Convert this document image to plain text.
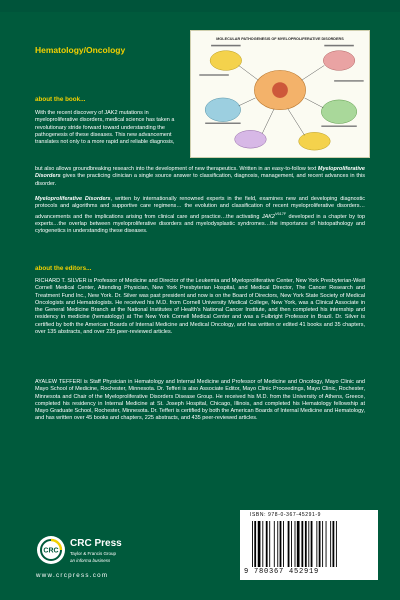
Hematology/Oncology
MOLECULAR PATHOGENESIS OF MYELOPROLIFERATIVE DISORDERS
about the book...
With the recent discovery of JAK2 mutations in myeloproliferative disorders, medical science has taken a revolutionary stride forward toward understanding the pathogenesis of these diseases. This new advancement translates not only to a more rapid and reliable diagnosis,
but also allows groundbreaking research into the development of new therapeutics. Written in an easy-to-follow text Myeloproliferative Disorders gives the practicing clinician a single source answer to classification, diagnosis, management, and recent advances in this disorder.
Myeloproliferative Disorders, written by internationally renowned experts in the field, examines new and developing diagnostic protocols and algorithms and supportive care regimens… the evolution and classification of recent myeloproliferative disorders…advancements and the implications arising from clinical care and practice…the activating $JAK2^{V617F}$ developed in a chapter by top experts…the overlap between myeloproliferative disorders and myelodysplastic syndromes…the importance of histopathology and cytogenetics in understanding these diseases.
about the editors...
RICHARD T. SILVER is Professor of Medicine and Director of the Leukemia and Myeloproliferative Center, New York Presbyterian-Weill Cornell Medical Center, Attending Physician, New York Presbyterian Hospital, and Medical Director, The Cancer Research and Treatment Fund Inc., New York. Dr. Silver was past president and now is on the Board of Directors, New York State Society of Medical Oncologists and Hematologists. He received his M.D. from Cornell University Medical College, New York, was a Clinical Associate in the General Medicine Branch at the National Institutes of Health's National Cancer Institute, and then completed his internship and residency in medicine (hematology) at The New York Cornell Medical Center and was a Fulbright Professor in Brazil. Dr. Silver is certified by both the American Boards of Internal Medicine and Medical Oncology, and has written or edited 41 books and 35 chapters, over 135 abstracts, and over 235 peer-reviewed articles.
AYALEW TEFFERI is Staff Physician in Hematology and Internal Medicine and Professor of Medicine and Oncology, Mayo Clinic and Mayo School of Medicine, Rochester, Minnesota. Dr. Tefferi is also Associate Editor, Mayo Clinic Proceedings, Mayo Clinic, Rochester, Minnesota and Chair of the Myeloproliferative Disorders Disease Group. He received his M.D. from the University of Athens, Greece, completed his residency in Internal Medicine at St. Joseph Hospital, Chicago, Illinois, and completed his Hematology fellowship at Mayo Graduate School, Rochester, Minnesota. Dr. Tefferi is certified by both the American Boards of Internal Medicine and Hematology, and has written over 45 books and chapters, 225 abstracts, and 435 peer-reviewed articles.
CRC
CRC Press
Taylor & Francis Group
an informa business
www.crcpress.com
ISBN: 978-0-367-45291-9
9 780367 452919
